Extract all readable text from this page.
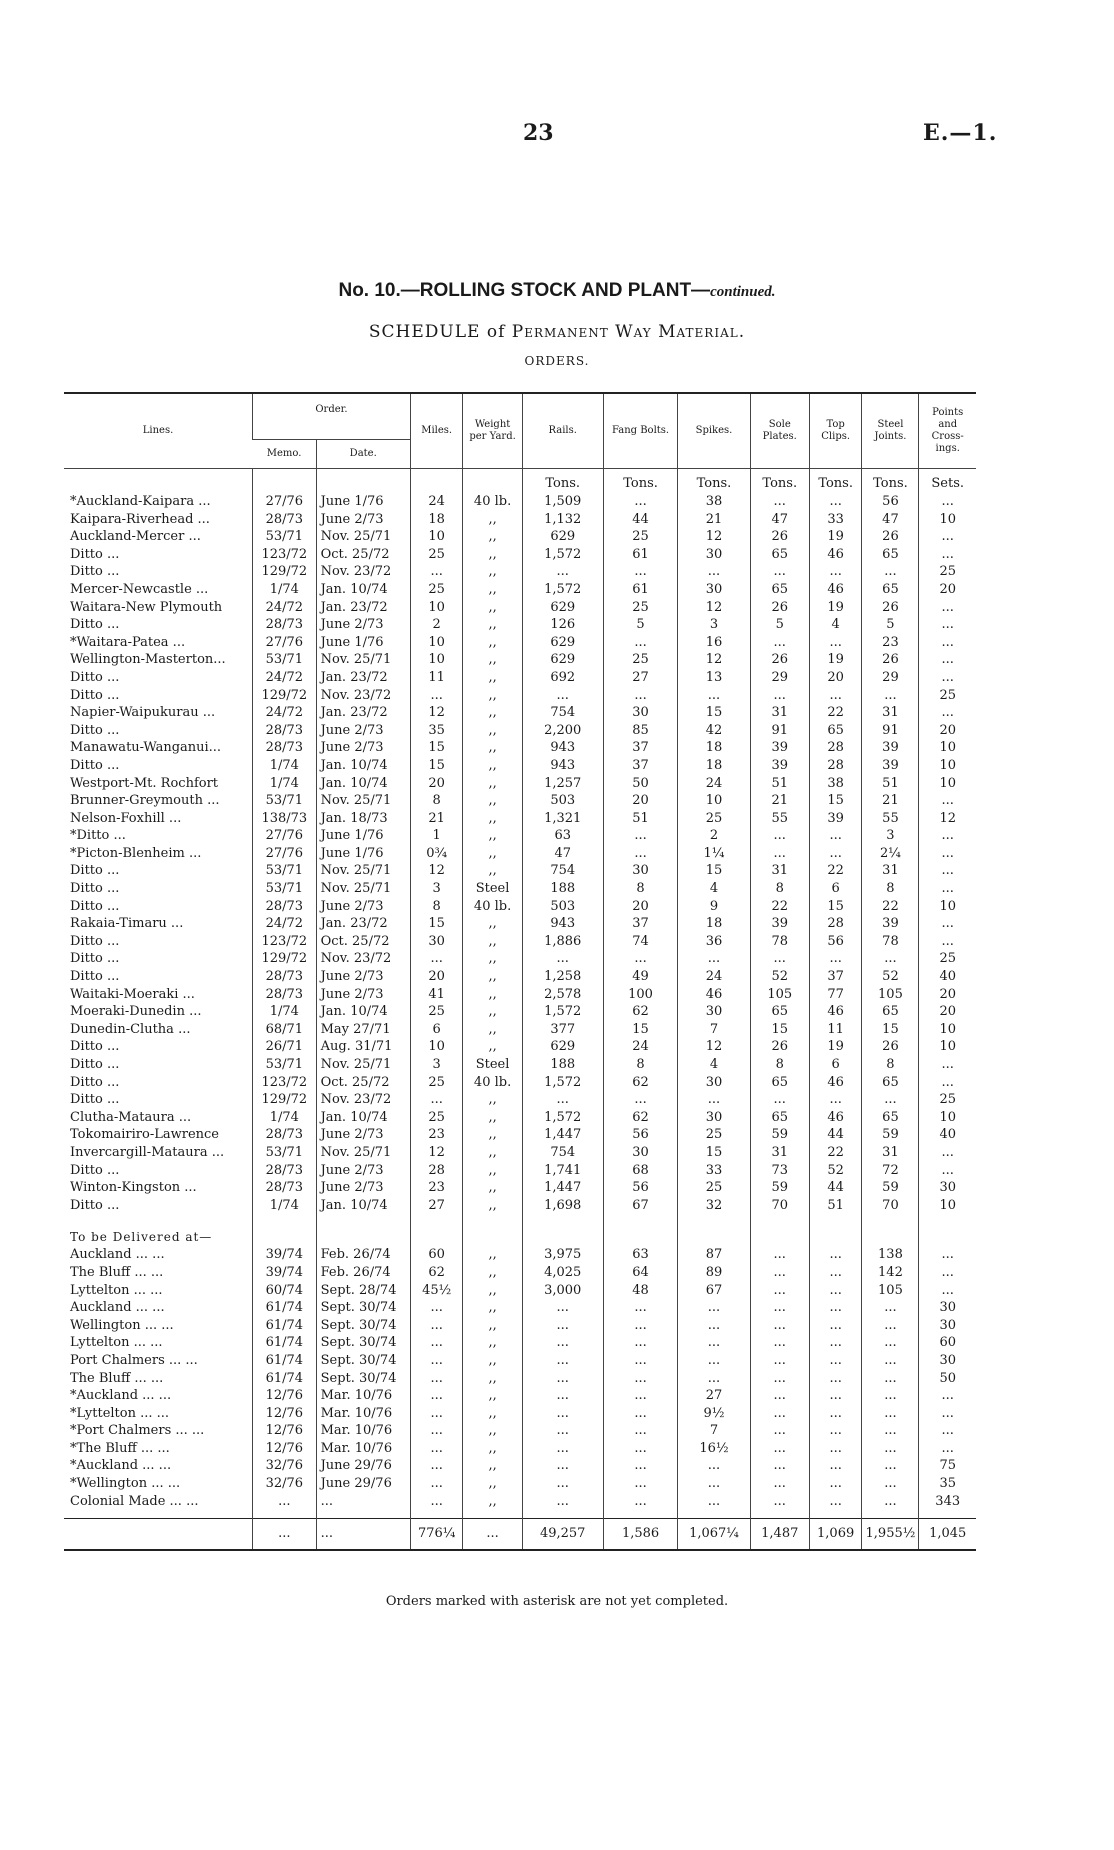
23	E.—1.
No. 10.—ROLLING STOCK AND PLANT—continued.
SCHEDULE of Permanent Way Material.
ORDERS.
Lines.	Order.		Miles.	Weight per Yard.	Rails.	Fang Bolts.	Spikes.	Sole Plates.	Top Clips.	Steel Joints.	Points and Cross-ings.
	Memo.	Date.									
					Tons.	Tons.	Tons.	Tons.	Tons.	Tons.	Sets.
*Auckland-Kaipara ...	27/76	June 1/76	24	40 lb.	1,509	...	38	...	...	56	...
Kaipara-Riverhead ...	28/73	June 2/73	18	,,	1,132	44	21	47	33	47	10
Auckland-Mercer ...	53/71	Nov. 25/71	10	,,	629	25	12	26	19	26	...
Ditto ...	123/72	Oct. 25/72	25	,,	1,572	61	30	65	46	65	...
Ditto ...	129/72	Nov. 23/72	...	,,	...	...	...	...	...	...	25
Mercer-Newcastle ...	1/74	Jan. 10/74	25	,,	1,572	61	30	65	46	65	20
Waitara-New Plymouth	24/72	Jan. 23/72	10	,,	629	25	12	26	19	26	...
Ditto ...	28/73	June 2/73	2	,,	126	5	3	5	4	5	...
*Waitara-Patea ...	27/76	June 1/76	10	,,	629	...	16	...	...	23	...
Wellington-Masterton...	53/71	Nov. 25/71	10	,,	629	25	12	26	19	26	...
Ditto ...	24/72	Jan. 23/72	11	,,	692	27	13	29	20	29	...
Ditto ...	129/72	Nov. 23/72	...	,,	...	...	...	...	...	...	25
Napier-Waipukurau ...	24/72	Jan. 23/72	12	,,	754	30	15	31	22	31	...
Ditto ...	28/73	June 2/73	35	,,	2,200	85	42	91	65	91	20
Manawatu-Wanganui...	28/73	June 2/73	15	,,	943	37	18	39	28	39	10
Ditto ...	1/74	Jan. 10/74	15	,,	943	37	18	39	28	39	10
Westport-Mt. Rochfort	1/74	Jan. 10/74	20	,,	1,257	50	24	51	38	51	10
Brunner-Greymouth ...	53/71	Nov. 25/71	8	,,	503	20	10	21	15	21	...
Nelson-Foxhill ...	138/73	Jan. 18/73	21	,,	1,321	51	25	55	39	55	12
*Ditto ...	27/76	June 1/76	1	,,	63	...	2	...	...	3	...
*Picton-Blenheim ...	27/76	June 1/76	0¾	,,	47	...	1¼	...	...	2¼	...
Ditto ...	53/71	Nov. 25/71	12	,,	754	30	15	31	22	31	...
Ditto ...	53/71	Nov. 25/71	3	Steel	188	8	4	8	6	8	...
Ditto ...	28/73	June 2/73	8	40 lb.	503	20	9	22	15	22	10
Rakaia-Timaru ...	24/72	Jan. 23/72	15	,,	943	37	18	39	28	39	...
Ditto ...	123/72	Oct. 25/72	30	,,	1,886	74	36	78	56	78	...
Ditto ...	129/72	Nov. 23/72	...	,,	...	...	...	...	...	...	25
Ditto ...	28/73	June 2/73	20	,,	1,258	49	24	52	37	52	40
Waitaki-Moeraki ...	28/73	June 2/73	41	,,	2,578	100	46	105	77	105	20
Moeraki-Dunedin ...	1/74	Jan. 10/74	25	,,	1,572	62	30	65	46	65	20
Dunedin-Clutha ...	68/71	May 27/71	6	,,	377	15	7	15	11	15	10
Ditto ...	26/71	Aug. 31/71	10	,,	629	24	12	26	19	26	10
Ditto ...	53/71	Nov. 25/71	3	Steel	188	8	4	8	6	8	...
Ditto ...	123/72	Oct. 25/72	25	40 lb.	1,572	62	30	65	46	65	...
Ditto ...	129/72	Nov. 23/72	...	,,	...	...	...	...	...	...	25
Clutha-Mataura ...	1/74	Jan. 10/74	25	,,	1,572	62	30	65	46	65	10
Tokomairiro-Lawrence	28/73	June 2/73	23	,,	1,447	56	25	59	44	59	40
Invercargill-Mataura ...	53/71	Nov. 25/71	12	,,	754	30	15	31	22	31	...
Ditto ...	28/73	June 2/73	28	,,	1,741	68	33	73	52	72	...
Winton-Kingston ...	28/73	June 2/73	23	,,	1,447	56	25	59	44	59	30
Ditto ...	1/74	Jan. 10/74	27	,,	1,698	67	32	70	51	70	10
To be Delivered at—											
Auckland ... ...	39/74	Feb. 26/74	60	,,	3,975	63	87	...	...	138	...
The Bluff ... ...	39/74	Feb. 26/74	62	,,	4,025	64	89	...	...	142	...
Lyttelton ... ...	60/74	Sept. 28/74	45½	,,	3,000	48	67	...	...	105	...
Auckland ... ...	61/74	Sept. 30/74	...	,,	...	...	...	...	...	...	30
Wellington ... ...	61/74	Sept. 30/74	...	,,	...	...	...	...	...	...	30
Lyttelton ... ...	61/74	Sept. 30/74	...	,,	...	...	...	...	...	...	60
Port Chalmers ... ...	61/74	Sept. 30/74	...	,,	...	...	...	...	...	...	30
The Bluff ... ...	61/74	Sept. 30/74	...	,,	...	...	...	...	...	...	50
*Auckland ... ...	12/76	Mar. 10/76	...	,,	...	...	27	...	...	...	...
*Lyttelton ... ...	12/76	Mar. 10/76	...	,,	...	...	9½	...	...	...	...
*Port Chalmers ... ...	12/76	Mar. 10/76	...	,,	...	...	7	...	...	...	...
*The Bluff ... ...	12/76	Mar. 10/76	...	,,	...	...	16½	...	...	...	...
*Auckland ... ...	32/76	June 29/76	...	,,	...	...	...	...	...	...	75
*Wellington ... ...	32/76	June 29/76	...	,,	...	...	...	...	...	...	35
Colonial Made ... ...	...	...	...	,,	...	...	...	...	...	...	343

	...	...	776¼	...	49,257	1,586	1,067¼	1,487	1,069	1,955½	1,045
Orders marked with asterisk are not yet completed.
